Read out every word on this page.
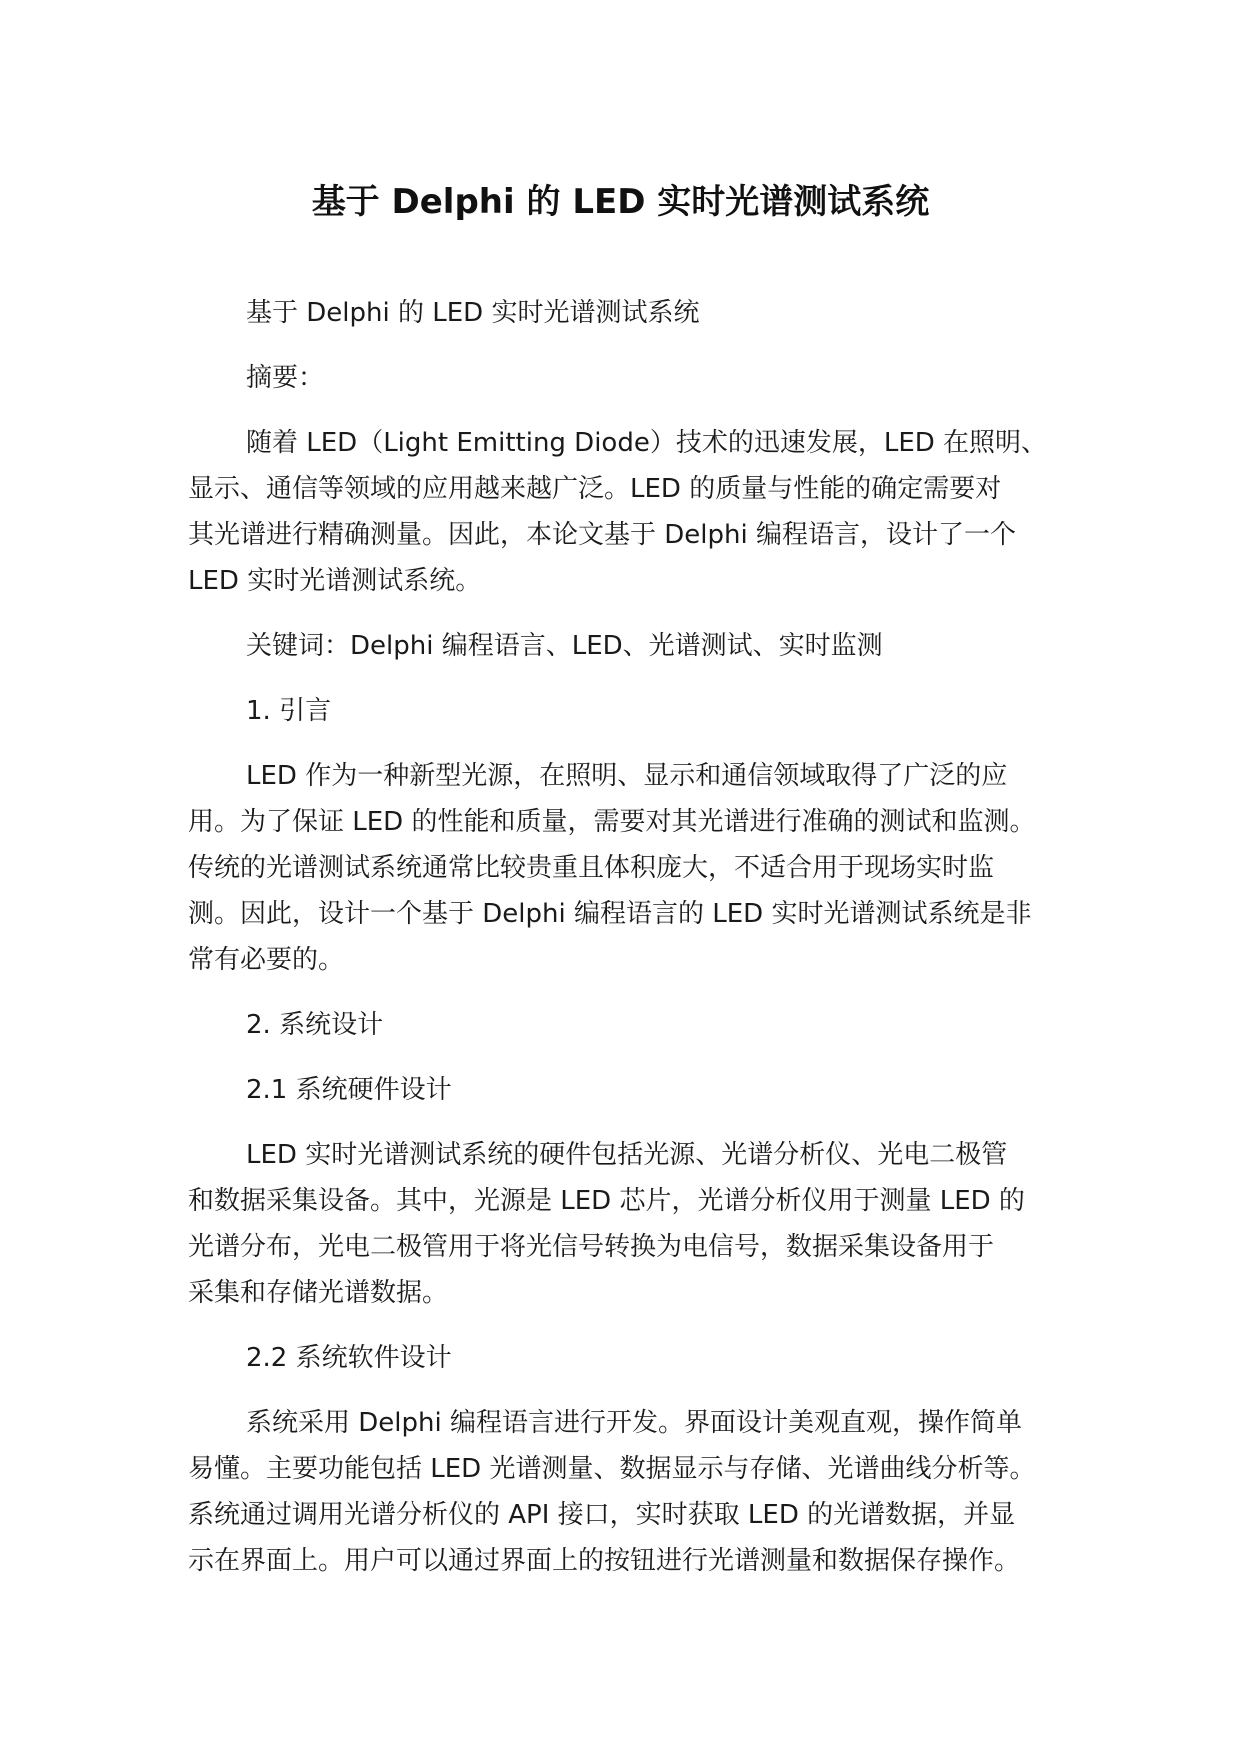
基于 Delphi 的 LED 实时光谱测试系统

基于 Delphi 的 LED 实时光谱测试系统

摘要：

随着 LED（Light Emitting Diode）技术的迅速发展，LED 在照明、
显示、通信等领域的应用越来越广泛。LED 的质量与性能的确定需要对
其光谱进行精确测量。因此，本论文基于 Delphi 编程语言，设计了一个
LED 实时光谱测试系统。

关键词：Delphi 编程语言、LED、光谱测试、实时监测

1. 引言

LED 作为一种新型光源，在照明、显示和通信领域取得了广泛的应
用。为了保证 LED 的性能和质量，需要对其光谱进行准确的测试和监测。
传统的光谱测试系统通常比较贵重且体积庞大，不适合用于现场实时监
测。因此，设计一个基于 Delphi 编程语言的 LED 实时光谱测试系统是非
常有必要的。

2. 系统设计

2.1 系统硬件设计

LED 实时光谱测试系统的硬件包括光源、光谱分析仪、光电二极管
和数据采集设备。其中，光源是 LED 芯片，光谱分析仪用于测量 LED 的
光谱分布，光电二极管用于将光信号转换为电信号，数据采集设备用于
采集和存储光谱数据。

2.2 系统软件设计

系统采用 Delphi 编程语言进行开发。界面设计美观直观，操作简单
易懂。主要功能包括 LED 光谱测量、数据显示与存储、光谱曲线分析等。
系统通过调用光谱分析仪的 API 接口，实时获取 LED 的光谱数据，并显
示在界面上。用户可以通过界面上的按钮进行光谱测量和数据保存操作。
